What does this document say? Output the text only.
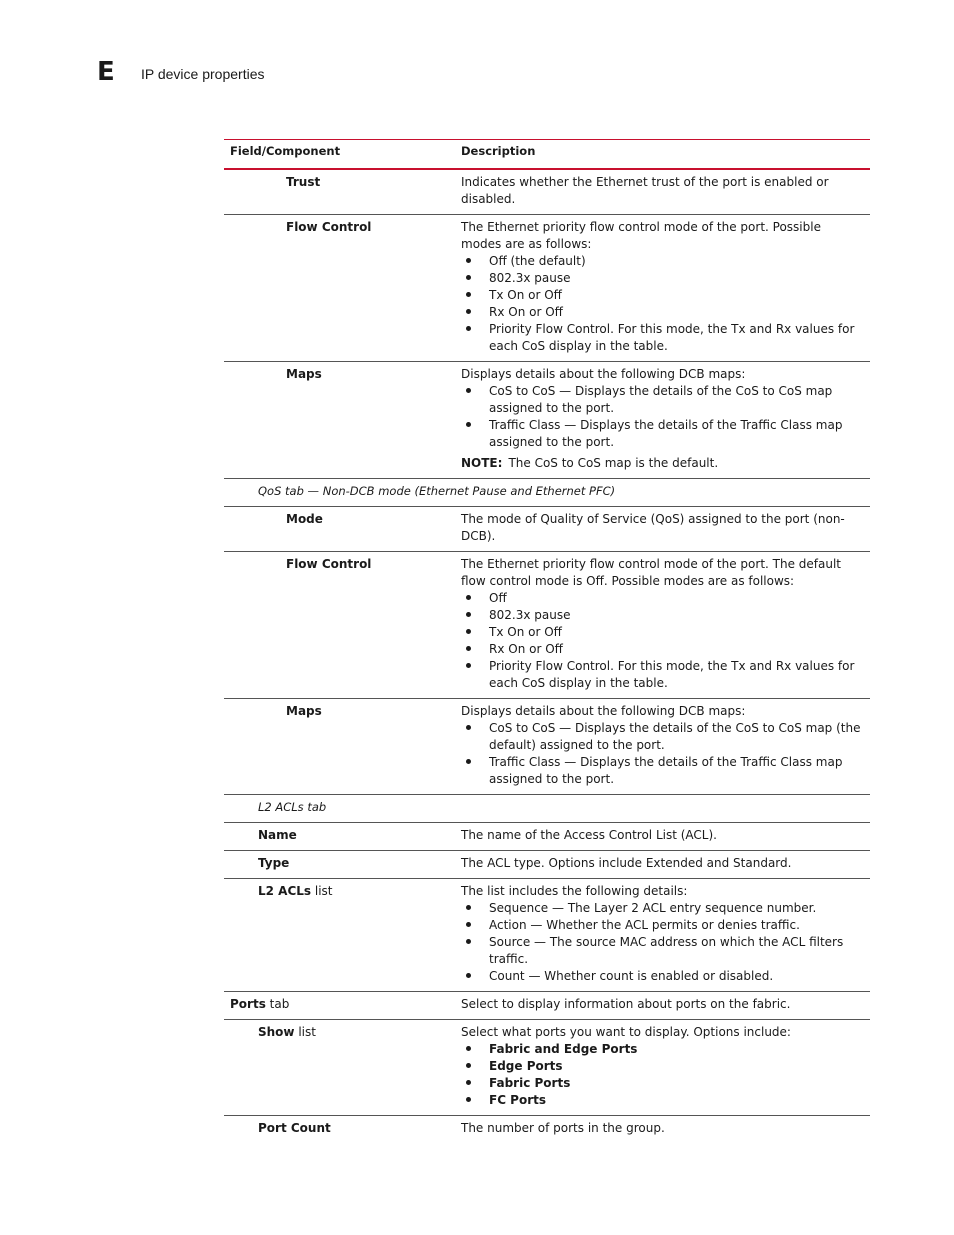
E IP device properties
Field/Component	Description
Trust	Indicates whether the Ethernet trust of the port is enabled or disabled.
Flow Control	The Ethernet priority flow control mode of the port. Possible modes are as follows:
Off (the default)
802.3x pause
Tx On or Off
Rx On or Off
Priority Flow Control. For this mode, the Tx and Rx values for each CoS display in the table.
Maps	Displays details about the following DCB maps:
CoS to CoS — Displays the details of the CoS to CoS map assigned to the port.
Traffic Class — Displays the details of the Traffic Class map assigned to the port.
NOTE: The CoS to CoS map is the default.
QoS tab — Non-DCB mode (Ethernet Pause and Ethernet PFC)
Mode	The mode of Quality of Service (QoS) assigned to the port (non-DCB).
Flow Control	The Ethernet priority flow control mode of the port. The default flow control mode is Off. Possible modes are as follows:
Off
802.3x pause
Tx On or Off
Rx On or Off
Priority Flow Control. For this mode, the Tx and Rx values for each CoS display in the table.
Maps	Displays details about the following DCB maps:
CoS to CoS — Displays the details of the CoS to CoS map (the default) assigned to the port.
Traffic Class — Displays the details of the Traffic Class map assigned to the port.
L2 ACLs tab
Name	The name of the Access Control List (ACL).
Type	The ACL type. Options include Extended and Standard.
L2 ACLs list	The list includes the following details:
Sequence — The Layer 2 ACL entry sequence number.
Action — Whether the ACL permits or denies traffic.
Source — The source MAC address on which the ACL filters traffic.
Count — Whether count is enabled or disabled.
Ports tab	Select to display information about ports on the fabric.
Show list	Select what ports you want to display. Options include:
Fabric and Edge Ports
Edge Ports
Fabric Ports
FC Ports
Port Count	The number of ports in the group.
